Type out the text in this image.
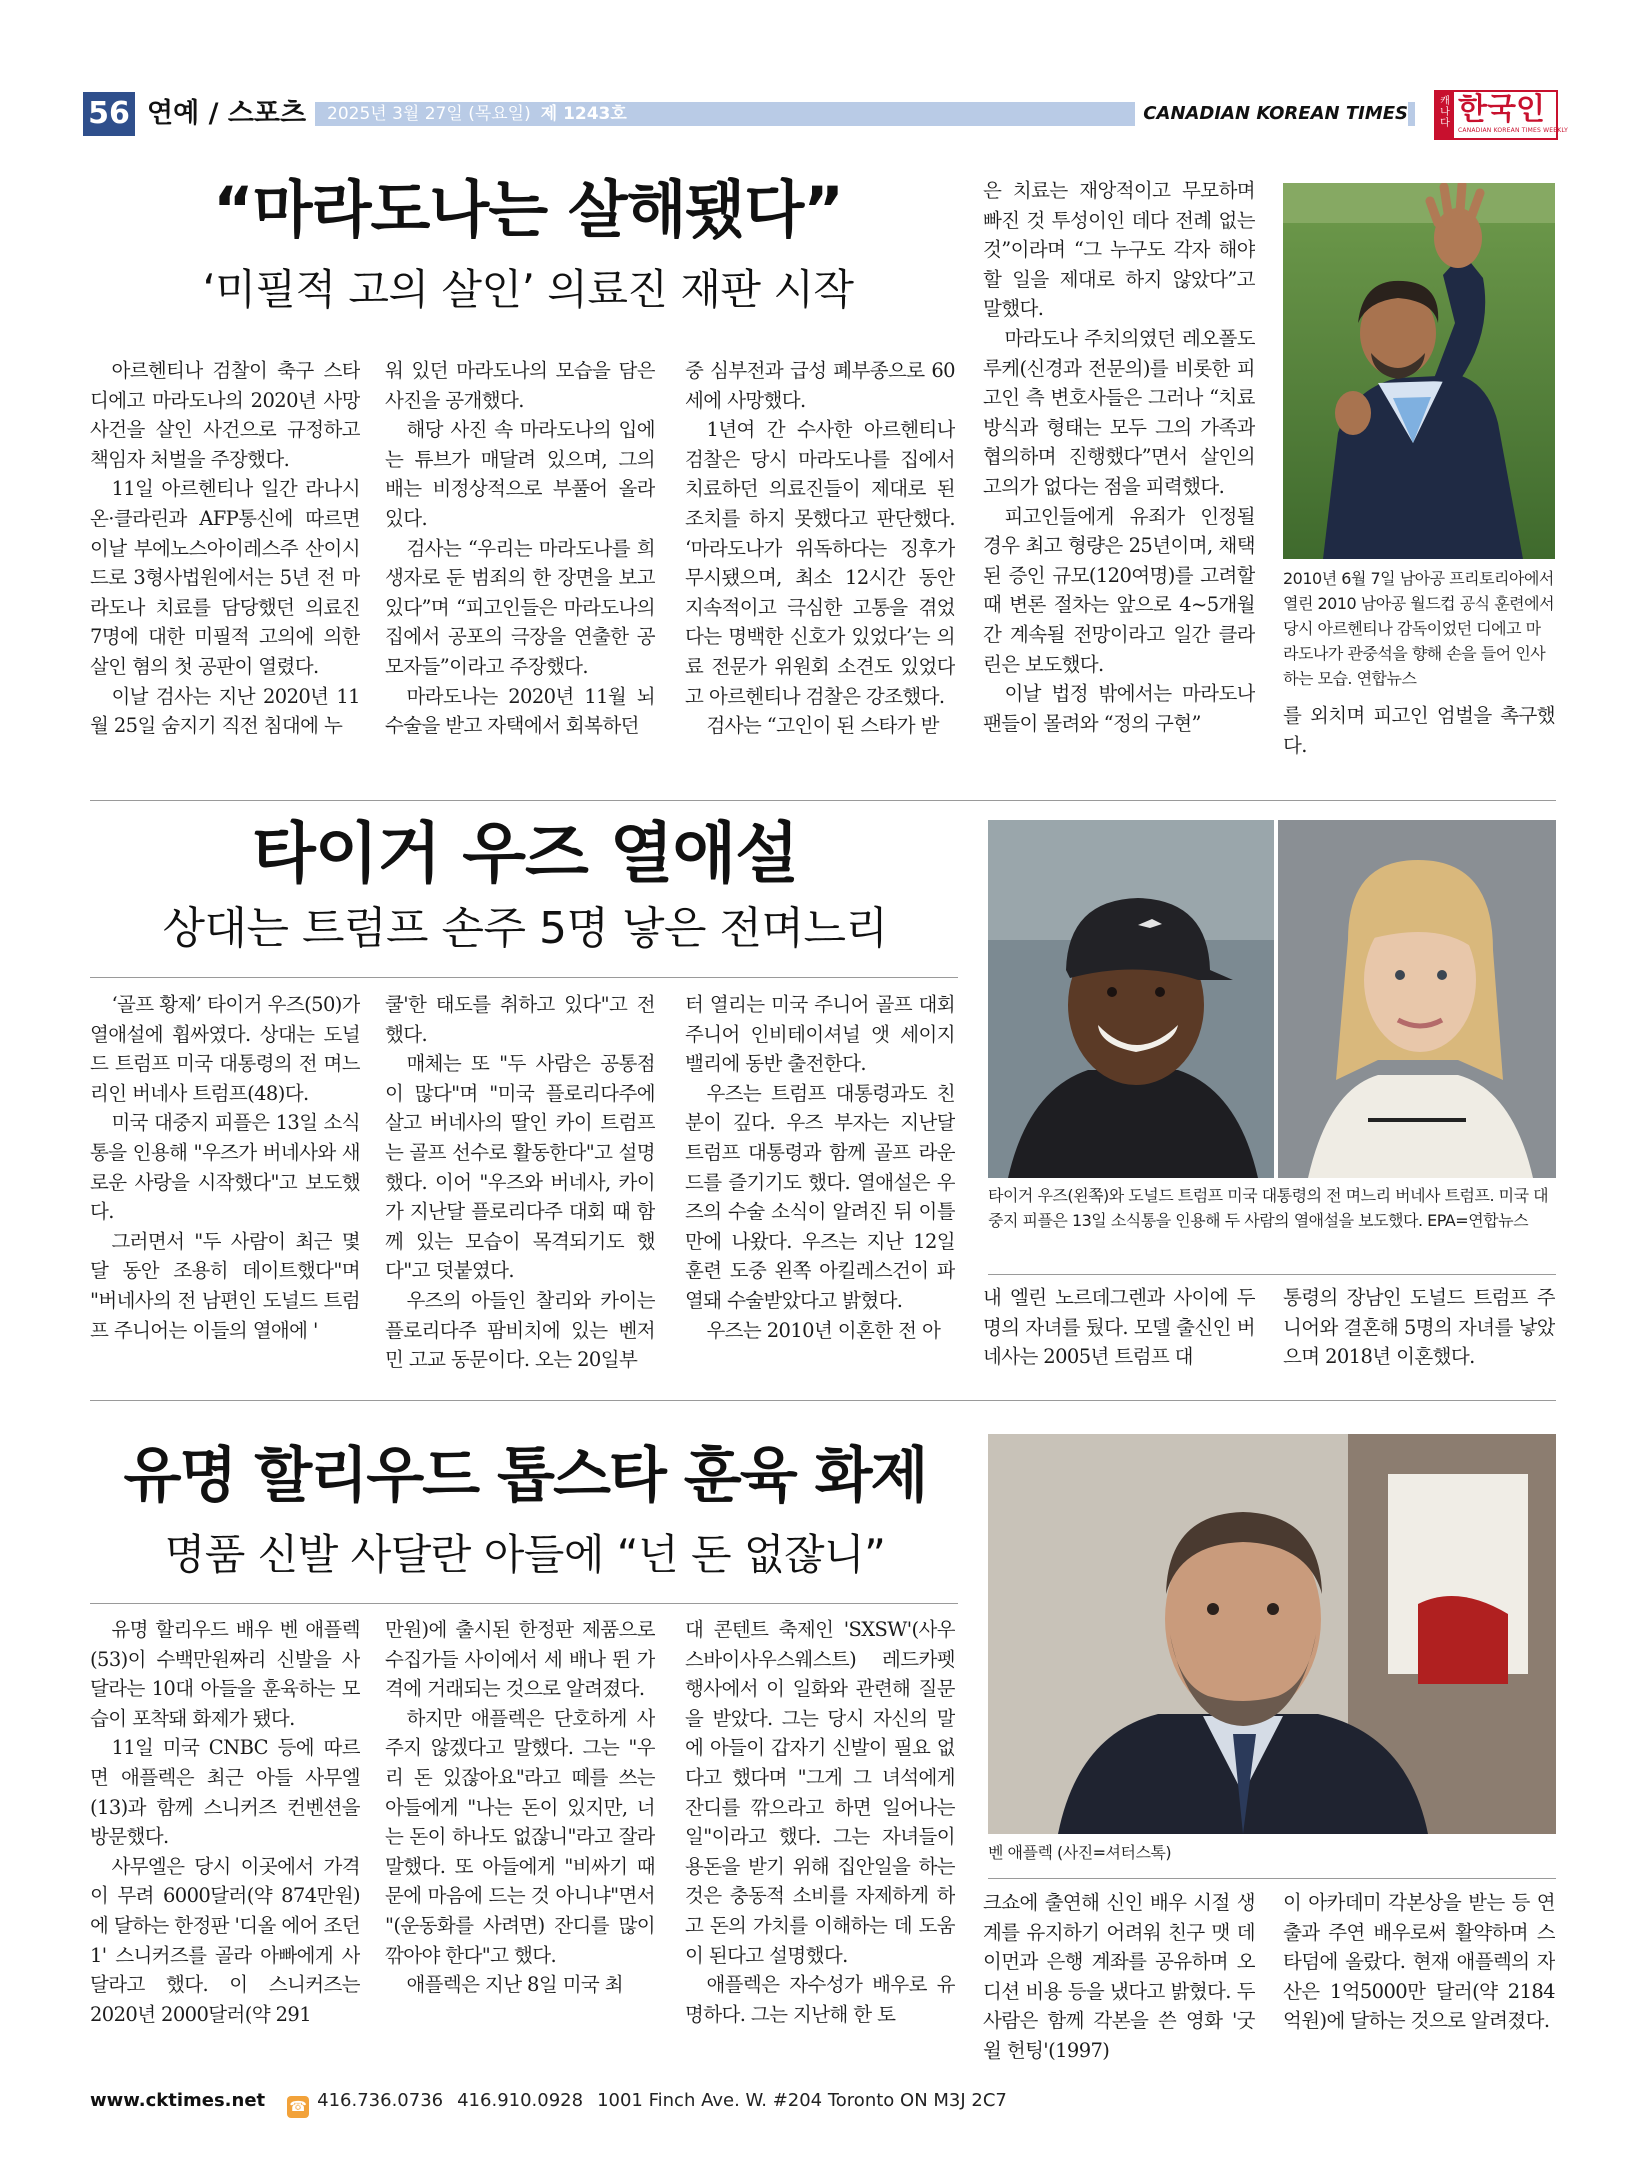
56 연예 / 스포츠 2025년 3월 27일 (목요일) 제 1243호	CANADIAN KOREAN TIMES
캐나다 한국인
CANADIAN KOREAN TIMES WEEKLY
“마라도나는 살해됐다”
‘미필적 고의 살인’ 의료진 재판 시작

아르헨티나 검찰이 축구 스타 디에고 마라도나의 2020년 사망 사건을 살인 사건으로 규정하고 책임자 처벌을 주장했다.

11일 아르헨티나 일간 라나시온·클라린과 AFP통신에 따르면 이날 부에노스아이레스주 산이시드로 3형사법원에서는 5년 전 마라도나 치료를 담당했던 의료진 7명에 대한 미필적 고의에 의한 살인 혐의 첫 공판이 열렸다.

이날 검사는 지난 2020년 11월 25일 숨지기 직전 침대에 누

워 있던 마라도나의 모습을 담은 사진을 공개했다.

해당 사진 속 마라도나의 입에는 튜브가 매달려 있으며, 그의 배는 비정상적으로 부풀어 올라 있다.

검사는 “우리는 마라도나를 희생자로 둔 범죄의 한 장면을 보고 있다”며 “피고인들은 마라도나의 집에서 공포의 극장을 연출한 공모자들”이라고 주장했다.

마라도나는 2020년 11월 뇌수술을 받고 자택에서 회복하던

중 심부전과 급성 폐부종으로 60세에 사망했다.

1년여 간 수사한 아르헨티나 검찰은 당시 마라도나를 집에서 치료하던 의료진들이 제대로 된 조치를 하지 못했다고 판단했다. ‘마라도나가 위독하다는 징후가 무시됐으며, 최소 12시간 동안 지속적이고 극심한 고통을 겪었다는 명백한 신호가 있었다’는 의료 전문가 위원회 소견도 있었다고 아르헨티나 검찰은 강조했다.

검사는 “고인이 된 스타가 받

은 치료는 재앙적이고 무모하며 빠진 것 투성이인 데다 전례 없는 것”이라며 “그 누구도 각자 해야 할 일을 제대로 하지 않았다”고 말했다.

마라도나 주치의였던 레오폴도 루케(신경과 전문의)를 비롯한 피고인 측 변호사들은 그러나 “치료 방식과 형태는 모두 그의 가족과 협의하며 진행했다”면서 살인의 고의가 없다는 점을 피력했다.

피고인들에게 유죄가 인정될 경우 최고 형량은 25년이며, 채택된 증인 규모(120여명)를 고려할 때 변론 절차는 앞으로 4~5개월간 계속될 전망이라고 일간 클라린은 보도했다.

이날 법정 밖에서는 마라도나 팬들이 몰려와 “정의 구현”

2010년 6월 7일 남아공 프리토리아에서 열린 2010 남아공 월드컵 공식 훈련에서 당시 아르헨티나 감독이었던 디에고 마라도나가 관중석을 향해 손을 들어 인사하는 모습. 연합뉴스

를 외치며 피고인 엄벌을 촉구했다.

타이거 우즈 열애설
상대는 트럼프 손주 5명 낳은 전며느리

‘골프 황제’ 타이거 우즈(50)가 열애설에 휩싸였다. 상대는 도널드 트럼프 미국 대통령의 전 며느리인 버네사 트럼프(48)다.

미국 대중지 피플은 13일 소식통을 인용해 "우즈가 버네사와 새로운 사랑을 시작했다"고 보도했다.

그러면서 "두 사람이 최근 몇 달 동안 조용히 데이트했다"며 "버네사의 전 남편인 도널드 트럼프 주니어는 이들의 열애에 '

쿨'한 태도를 취하고 있다"고 전했다.

매체는 또 "두 사람은 공통점이 많다"며 "미국 플로리다주에 살고 버네사의 딸인 카이 트럼프는 골프 선수로 활동한다"고 설명했다. 이어 "우즈와 버네사, 카이가 지난달 플로리다주 대회 때 함께 있는 모습이 목격되기도 했다"고 덧붙였다.

우즈의 아들인 찰리와 카이는 플로리다주 팜비치에 있는 벤저민 고교 동문이다. 오는 20일부

터 열리는 미국 주니어 골프 대회 주니어 인비테이셔널 앳 세이지 밸리에 동반 출전한다.

우즈는 트럼프 대통령과도 친분이 깊다. 우즈 부자는 지난달 트럼프 대통령과 함께 골프 라운드를 즐기기도 했다. 열애설은 우즈의 수술 소식이 알려진 뒤 이틀 만에 나왔다. 우즈는 지난 12일 훈련 도중 왼쪽 아킬레스건이 파열돼 수술받았다고 밝혔다.

우즈는 2010년 이혼한 전 아

타이거 우즈(왼쪽)와 도널드 트럼프 미국 대통령의 전 며느리 버네사 트럼프. 미국 대중지 피플은 13일 소식통을 인용해 두 사람의 열애설을 보도했다. EPA=연합뉴스

내 엘린 노르데그렌과 사이에 두 명의 자녀를 뒀다. 모델 출신인 버네사는 2005년 트럼프 대

통령의 장남인 도널드 트럼프 주니어와 결혼해 5명의 자녀를 낳았으며 2018년 이혼했다.

유명 할리우드 톱스타 훈육 화제
명품 신발 사달란 아들에 “넌 돈 없잖니”

유명 할리우드 배우 벤 애플렉(53)이 수백만원짜리 신발을 사달라는 10대 아들을 훈육하는 모습이 포착돼 화제가 됐다.

11일 미국 CNBC 등에 따르면 애플렉은 최근 아들 사무엘(13)과 함께 스니커즈 컨벤션을 방문했다.

사무엘은 당시 이곳에서 가격이 무려 6000달러(약 874만원)에 달하는 한정판 '디올 에어 조던 1' 스니커즈를 골라 아빠에게 사달라고 했다. 이 스니커즈는 2020년 2000달러(약 291

만원)에 출시된 한정판 제품으로 수집가들 사이에서 세 배나 뛴 가격에 거래되는 것으로 알려졌다.

하지만 애플렉은 단호하게 사주지 않겠다고 말했다. 그는 "우리 돈 있잖아요"라고 떼를 쓰는 아들에게 "나는 돈이 있지만, 너는 돈이 하나도 없잖니"라고 잘라 말했다. 또 아들에게 "비싸기 때문에 마음에 드는 것 아니냐"면서 "(운동화를 사려면) 잔디를 많이 깎아야 한다"고 했다.

애플렉은 지난 8일 미국 최

대 콘텐트 축제인 'SXSW'(사우스바이사우스웨스트) 레드카펫 행사에서 이 일화와 관련해 질문을 받았다. 그는 당시 자신의 말에 아들이 갑자기 신발이 필요 없다고 했다며 "그게 그 녀석에게 잔디를 깎으라고 하면 일어나는 일"이라고 했다. 그는 자녀들이 용돈을 받기 위해 집안일을 하는 것은 충동적 소비를 자제하게 하고 돈의 가치를 이해하는 데 도움이 된다고 설명했다.

애플렉은 자수성가 배우로 유명하다. 그는 지난해 한 토

벤 애플렉 (사진=셔터스톡)

크쇼에 출연해 신인 배우 시절 생계를 유지하기 어려워 친구 맷 데이먼과 은행 계좌를 공유하며 오디션 비용 등을 냈다고 밝혔다. 두 사람은 함께 각본을 쓴 영화 '굿 윌 헌팅'(1997)

이 아카데미 각본상을 받는 등 연출과 주연 배우로써 활약하며 스타덤에 올랐다. 현재 애플렉의 자산은 1억5000만 달러(약 2184억원)에 달하는 것으로 알려졌다.

www.cktimes.net ☎ 416.736.0736 416.910.0928 1001 Finch Ave. W. #204 Toronto ON M3J 2C7
